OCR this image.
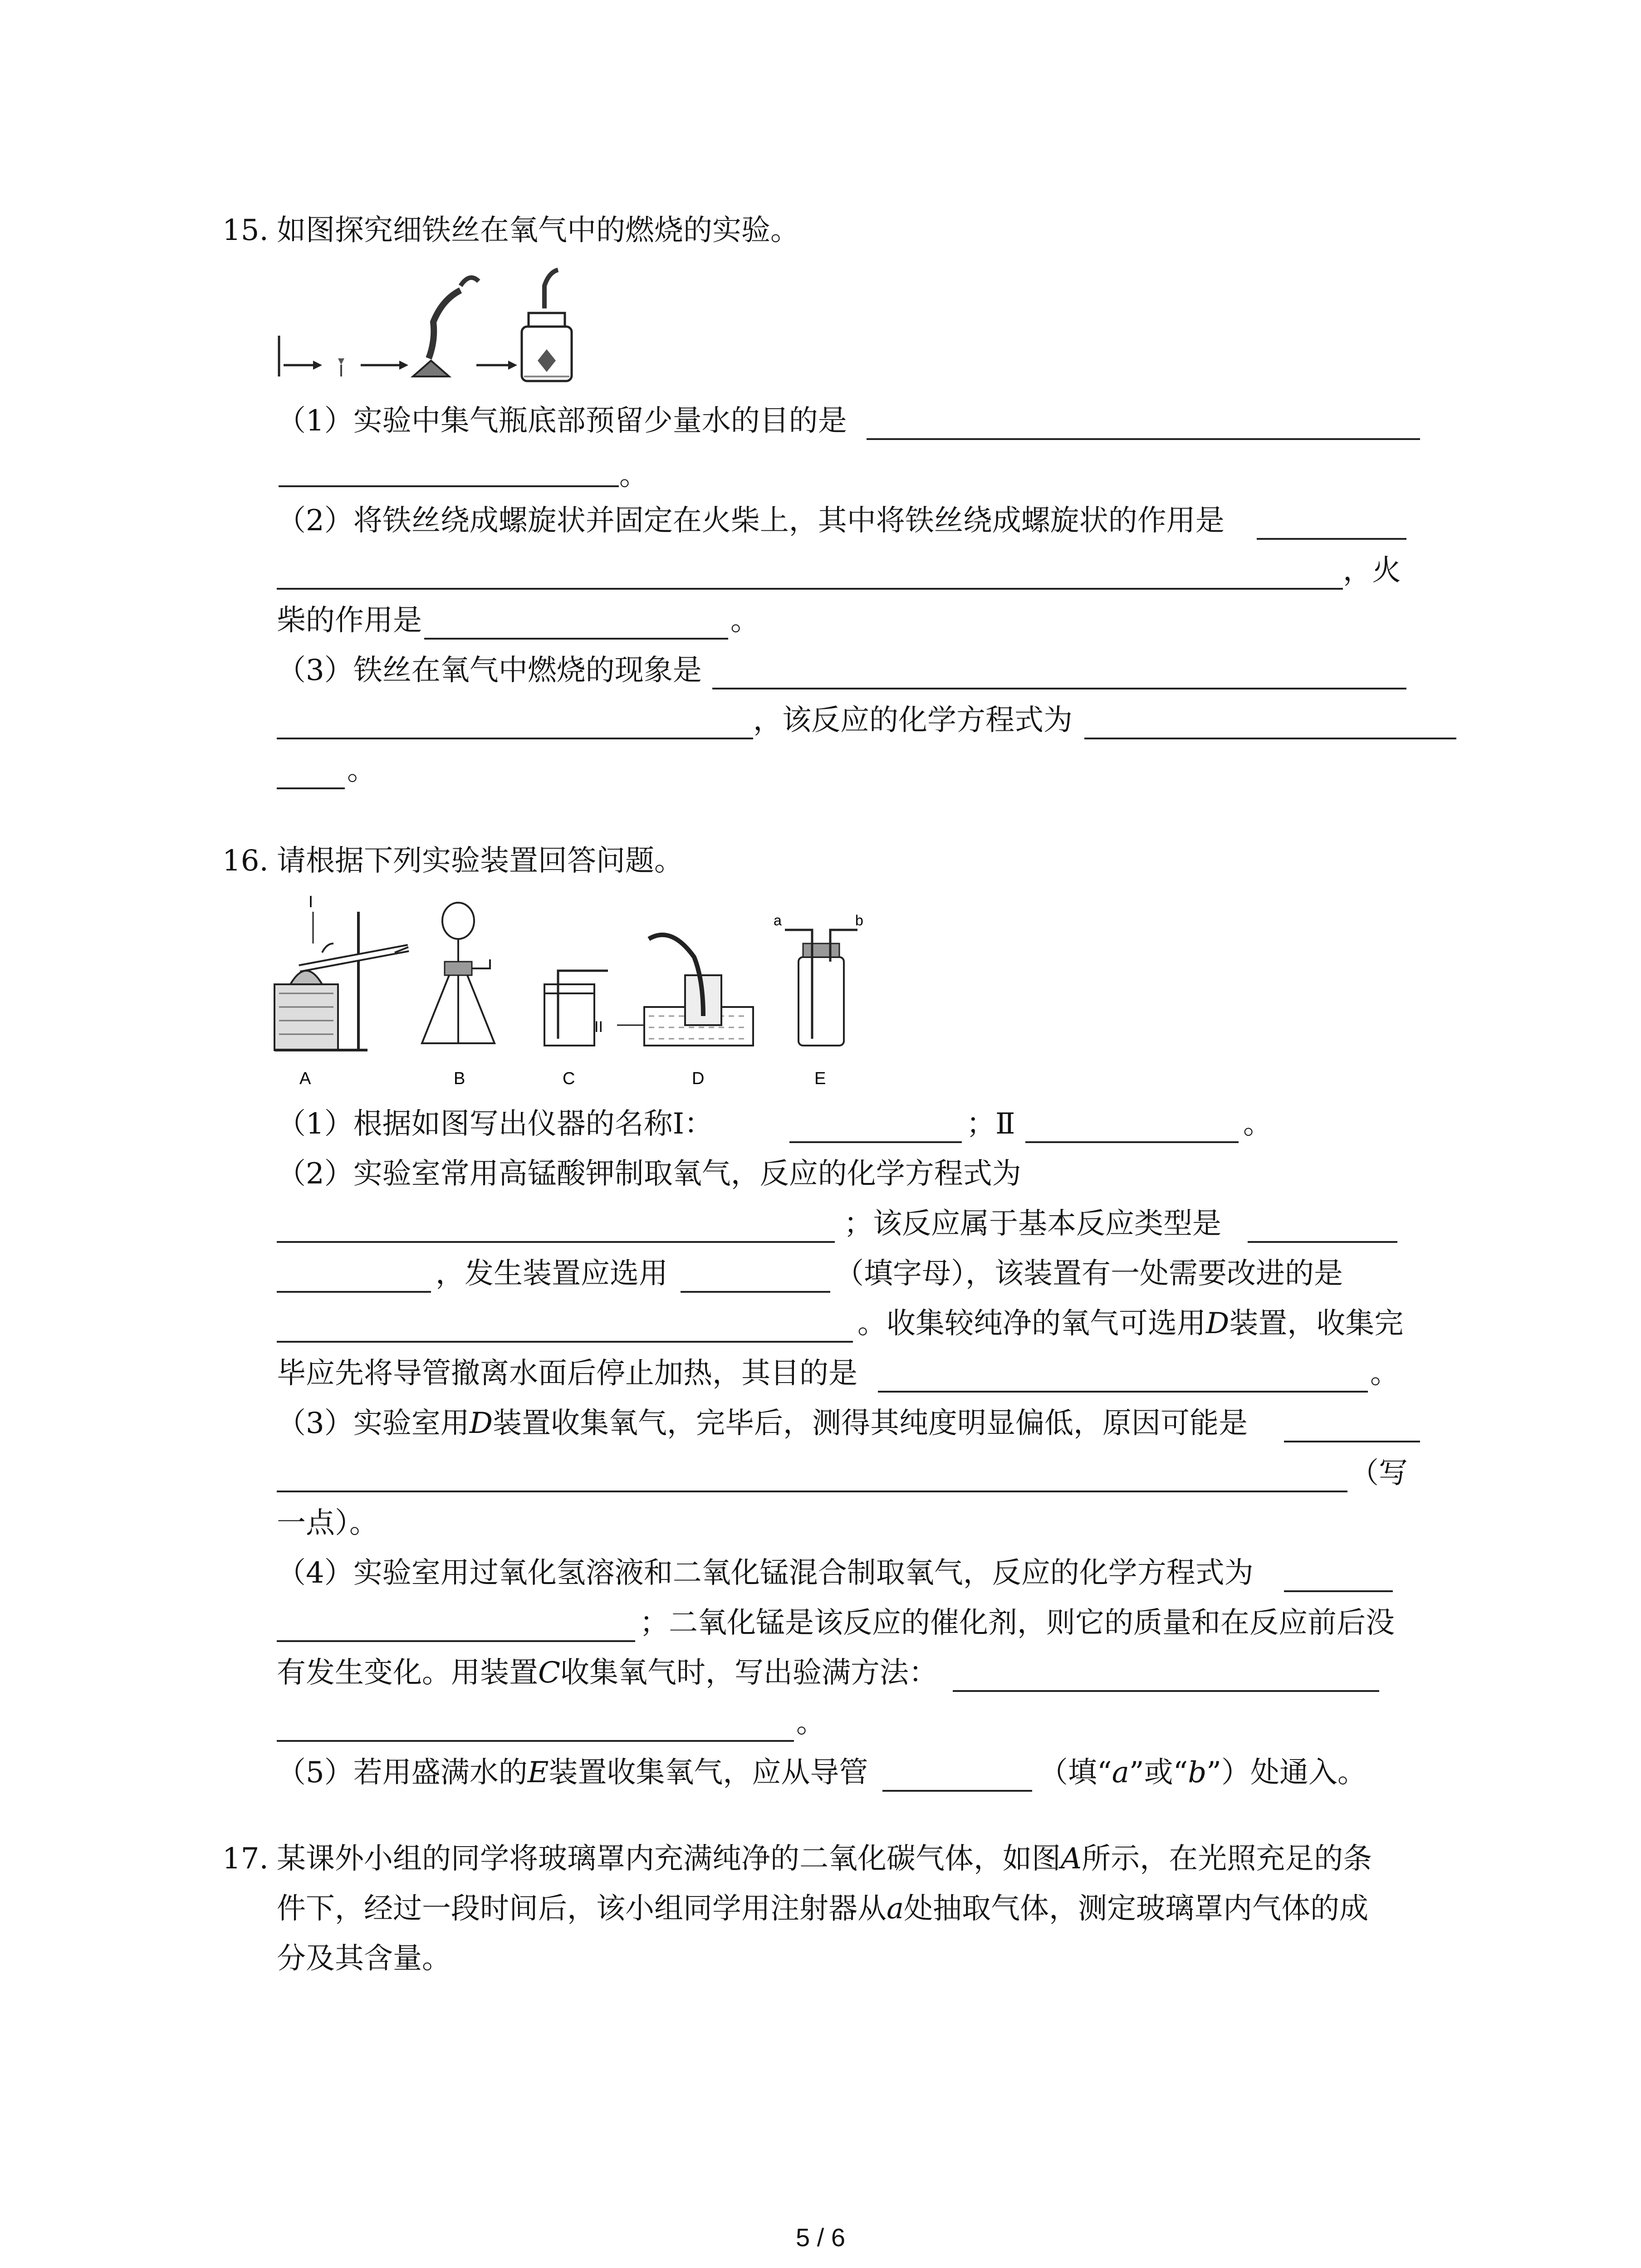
15. 如图探究细铁丝在氧气中的燃烧的实验。
（1）实验中集气瓶底部预留少量水的目的是
。
（2）将铁丝绕成螺旋状并固定在火柴上，其中将铁丝绕成螺旋状的作用是
，火
柴的作用是	。
（3）铁丝在氧气中燃烧的现象是
，该反应的化学方程式为
。
16. 请根据下列实验装置回答问题。
I
A	B	C
II
D
a	b
E
（1）根据如图写出仪器的名称Ⅰ：	；Ⅱ	。
（2）实验室常用高锰酸钾制取氧气，反应的化学方程式为
；该反应属于基本反应类型是
，发生装置应选用	（填字母），该装置有一处需要改进的是
。收集较纯净的氧气可选用D装置，收集完
毕应先将导管撤离水面后停止加热，其目的是	。
（3）实验室用D装置收集氧气，完毕后，测得其纯度明显偏低，原因可能是
（写
一点）。
（4）实验室用过氧化氢溶液和二氧化锰混合制取氧气，反应的化学方程式为
；二氧化锰是该反应的催化剂，则它的质量和在反应前后没
有发生变化。用装置C收集氧气时，写出验满方法：
。
（5）若用盛满水的E装置收集氧气，应从导管	（填“a”或“b”）处通入。
17. 某课外小组的同学将玻璃罩内充满纯净的二氧化碳气体，如图A所示，在光照充足的条
件下，经过一段时间后，该小组同学用注射器从a处抽取气体，测定玻璃罩内气体的成
分及其含量。
5 / 6
